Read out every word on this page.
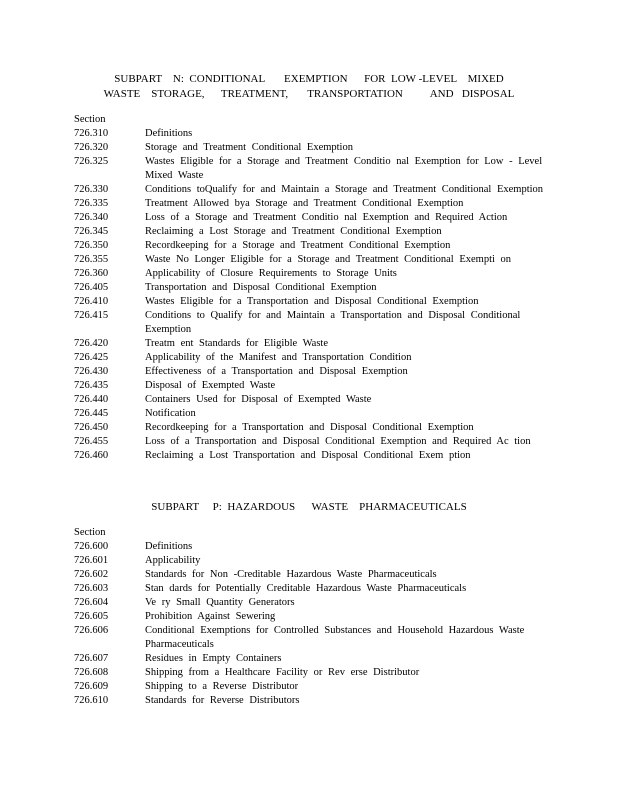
SUBPART    N:  CONDITIONAL       EXEMPTION      FOR  LOW -LEVEL    MIXED
WASTE    STORAGE,      TREATMENT,       TRANSPORTATION          AND   DISPOSAL
Section
726.310	Definitions
726.320	Storage and Treatment Conditional Exemption
726.325	Wastes Eligible for a Storage and Treatment Conditio nal Exemption for Low - Level Mixed Waste
726.330	Conditions toQualify for and Maintain a Storage and Treatment Conditional Exemption
726.335	Treatment Allowed bya Storage and Treatment Conditional Exemption
726.340	Loss of a Storage and Treatment Conditio nal Exemption and Required Action
726.345	Reclaiming a Lost Storage and Treatment Conditional Exemption
726.350	Recordkeeping for a Storage and Treatment Conditional Exemption
726.355	Waste No Longer Eligible for a Storage and Treatment Conditional Exempti on
726.360	Applicability of Closure Requirements to Storage Units
726.405	Transportation and Disposal Conditional Exemption
726.410	Wastes Eligible for a Transportation and Disposal Conditional Exemption
726.415	Conditions to Qualify for and Maintain a Transportation and Disposal Conditional Exemption
726.420	Treatm ent Standards for Eligible Waste
726.425	Applicability of the Manifest and Transportation Condition
726.430	Effectiveness of a Transportation and Disposal Exemption
726.435	Disposal of Exempted Waste
726.440	Containers Used for Disposal of Exempted Waste
726.445	Notification
726.450	Recordkeeping for a Transportation and Disposal Conditional Exemption
726.455	Loss of a Transportation and Disposal Conditional Exemption and Required Ac tion
726.460	Reclaiming a Lost Transportation and Disposal Conditional Exem ption
SUBPART     P:  HAZARDOUS      WASTE    PHARMACEUTICALS
Section
726.600	Definitions
726.601	Applicability
726.602	Standards for Non -Creditable Hazardous Waste Pharmaceuticals
726.603	Stan dards for Potentially Creditable Hazardous Waste Pharmaceuticals
726.604	Ve ry Small Quantity Generators
726.605	Prohibition Against Sewering
726.606	Conditional Exemptions for Controlled Substances and Household Hazardous Waste Pharmaceuticals
726.607	Residues in Empty Containers
726.608	Shipping from a Healthcare Facility or Rev erse Distributor
726.609	Shipping to a Reverse Distributor
726.610	Standards for Reverse Distributors
